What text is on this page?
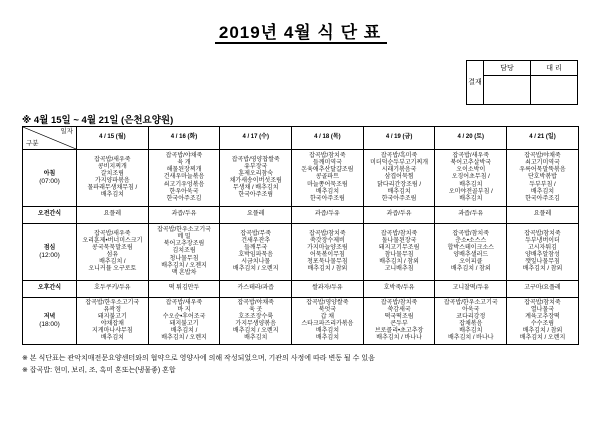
2019년 4월 식 단 표
결재	담당	대 리

※ 4월 15일 ~ 4월 21일 (은천요양원)
일자
구분	4 / 15 (월)	4 / 16 (화)	4 / 17 (수)	4 / 18 (목)	4 / 19 (금)	4 / 20 (토)	4 / 21 (일)
아침
(07:00)
	잡곡밥/새우죽
콩비지찌개
갈치조림
가지양파볶음
물파래무생채무침 /
배추김치	잡곡밥/야채죽
육 개
해물된장찌개
건새우마늘볶음
쇠고기우엉볶음
한우아욱국
한국아주조김	잡곡밥/영양찹쌀죽
유부장국
훈제오리참숙
채가새송이버섯조림
무생채 / 배추김치
한국아주조림	잡곡밥/참치죽
들깨미역국
돈육애추산달걀조림
콩골파트
마늘쫑어묵조림
배추김치
한국아주조림	잡곡밥/흑미죽
미더덕순두부고기찌개
시래기볶음국
삼겹어묵찜
닭다리간장조림 /
배추김치
한국아주조림	잡곡밥/새우죽
북어고추살박국
오이소박이
오징어초무침 /
배추김치
오미야전골부침 /
배추김치	잡곡밥/야채죽
쇠고기미역국
우륵어묵말뚝볶음
단호박볶밥
두부부침 /
배추김치
한국아주조김
오전간식	요플레	과즙/두유	요플레	과즙/두유	과즙/두유	과즙/두유	요플레
점심
(12:00)
	잡곡밥/새우죽
오리훈제•버너미스크기
콩국묵묵말조림
섬유
배추김치 /
오니커뮬 오구로토	잡곡밥/한우소고기국
메 밀
북어고추장조림
김치조림
청나물무침
배추김치 / 오젠지
맥 흔밥차	잡곡밥/무죽
건새우잔추
들깨무국
호박임파묵음
시금치나물
배추김치 / 오렌지	잡곡밥/참치죽
쑥갓장수제비
가지마늘양조림
어묵볶이무침
청포묵나물무침
배추김치 / 참외	잡곡밥/참치죽
돌나물된장국
돼지고기무조림
참나물무침
배추김치 / 참외
고니배추침	잡곡밥/참치죽
춘소•소스스
합박스테이크소스
양배추샐러드
오이피클
배추김치 / 참외	잡곡밥/참치죽
두부냉버이더
고시자튀김
양배추알참성
깻잎나물무침
배추김치 / 참외
오후간식	호두쿠키/두유	떡 튀김만두	카스테라/과즙	쌀과자/두유	호박죽/두유	고니찰떡/두유	고구마/요플레
저녁
(18:00)
	잡곡밥/한우소고기국
유곽정
돼지불고기
야채잡채
지게마나샤무침
배추김치	잡곡밥/새우죽
바 지
수오순•후어조국
돼지불고기
배추김치 /
배추김치 / 오렌지	잡곡밥/야채죽
육 곳
호조조장수륙
가지무생양볶음
배추김치 / 오렌지
배추김치	잡곡밥/영양쌀죽
북엇국
갑 채
스타크파즈리카볶음
배추김치
배추김치	잡곡밥/참치죽
쑥감새국
떡국떡조림
콘두부
브로콜리•초고추장
배추김치 / 바나나	잡곡밥/한우소고기국
아욱국
코다리강정
잡채볶음
배추김치
배추김치 / 바나나	잡곡밥/참치죽
열나물국
계육고추장떡
수수조림
배추김치 / 참외
배추김치 / 오렌지
※ 본 식단표는 관악치매전문요양센터와의 협약으로 영양사에 의해 작성되었으며, 기관의 사정에 따라 변동 될 수 있음
※ 잡곡밥: 현미, 보리, 조, 흑미 혼또는(냉물좋) 혼합
